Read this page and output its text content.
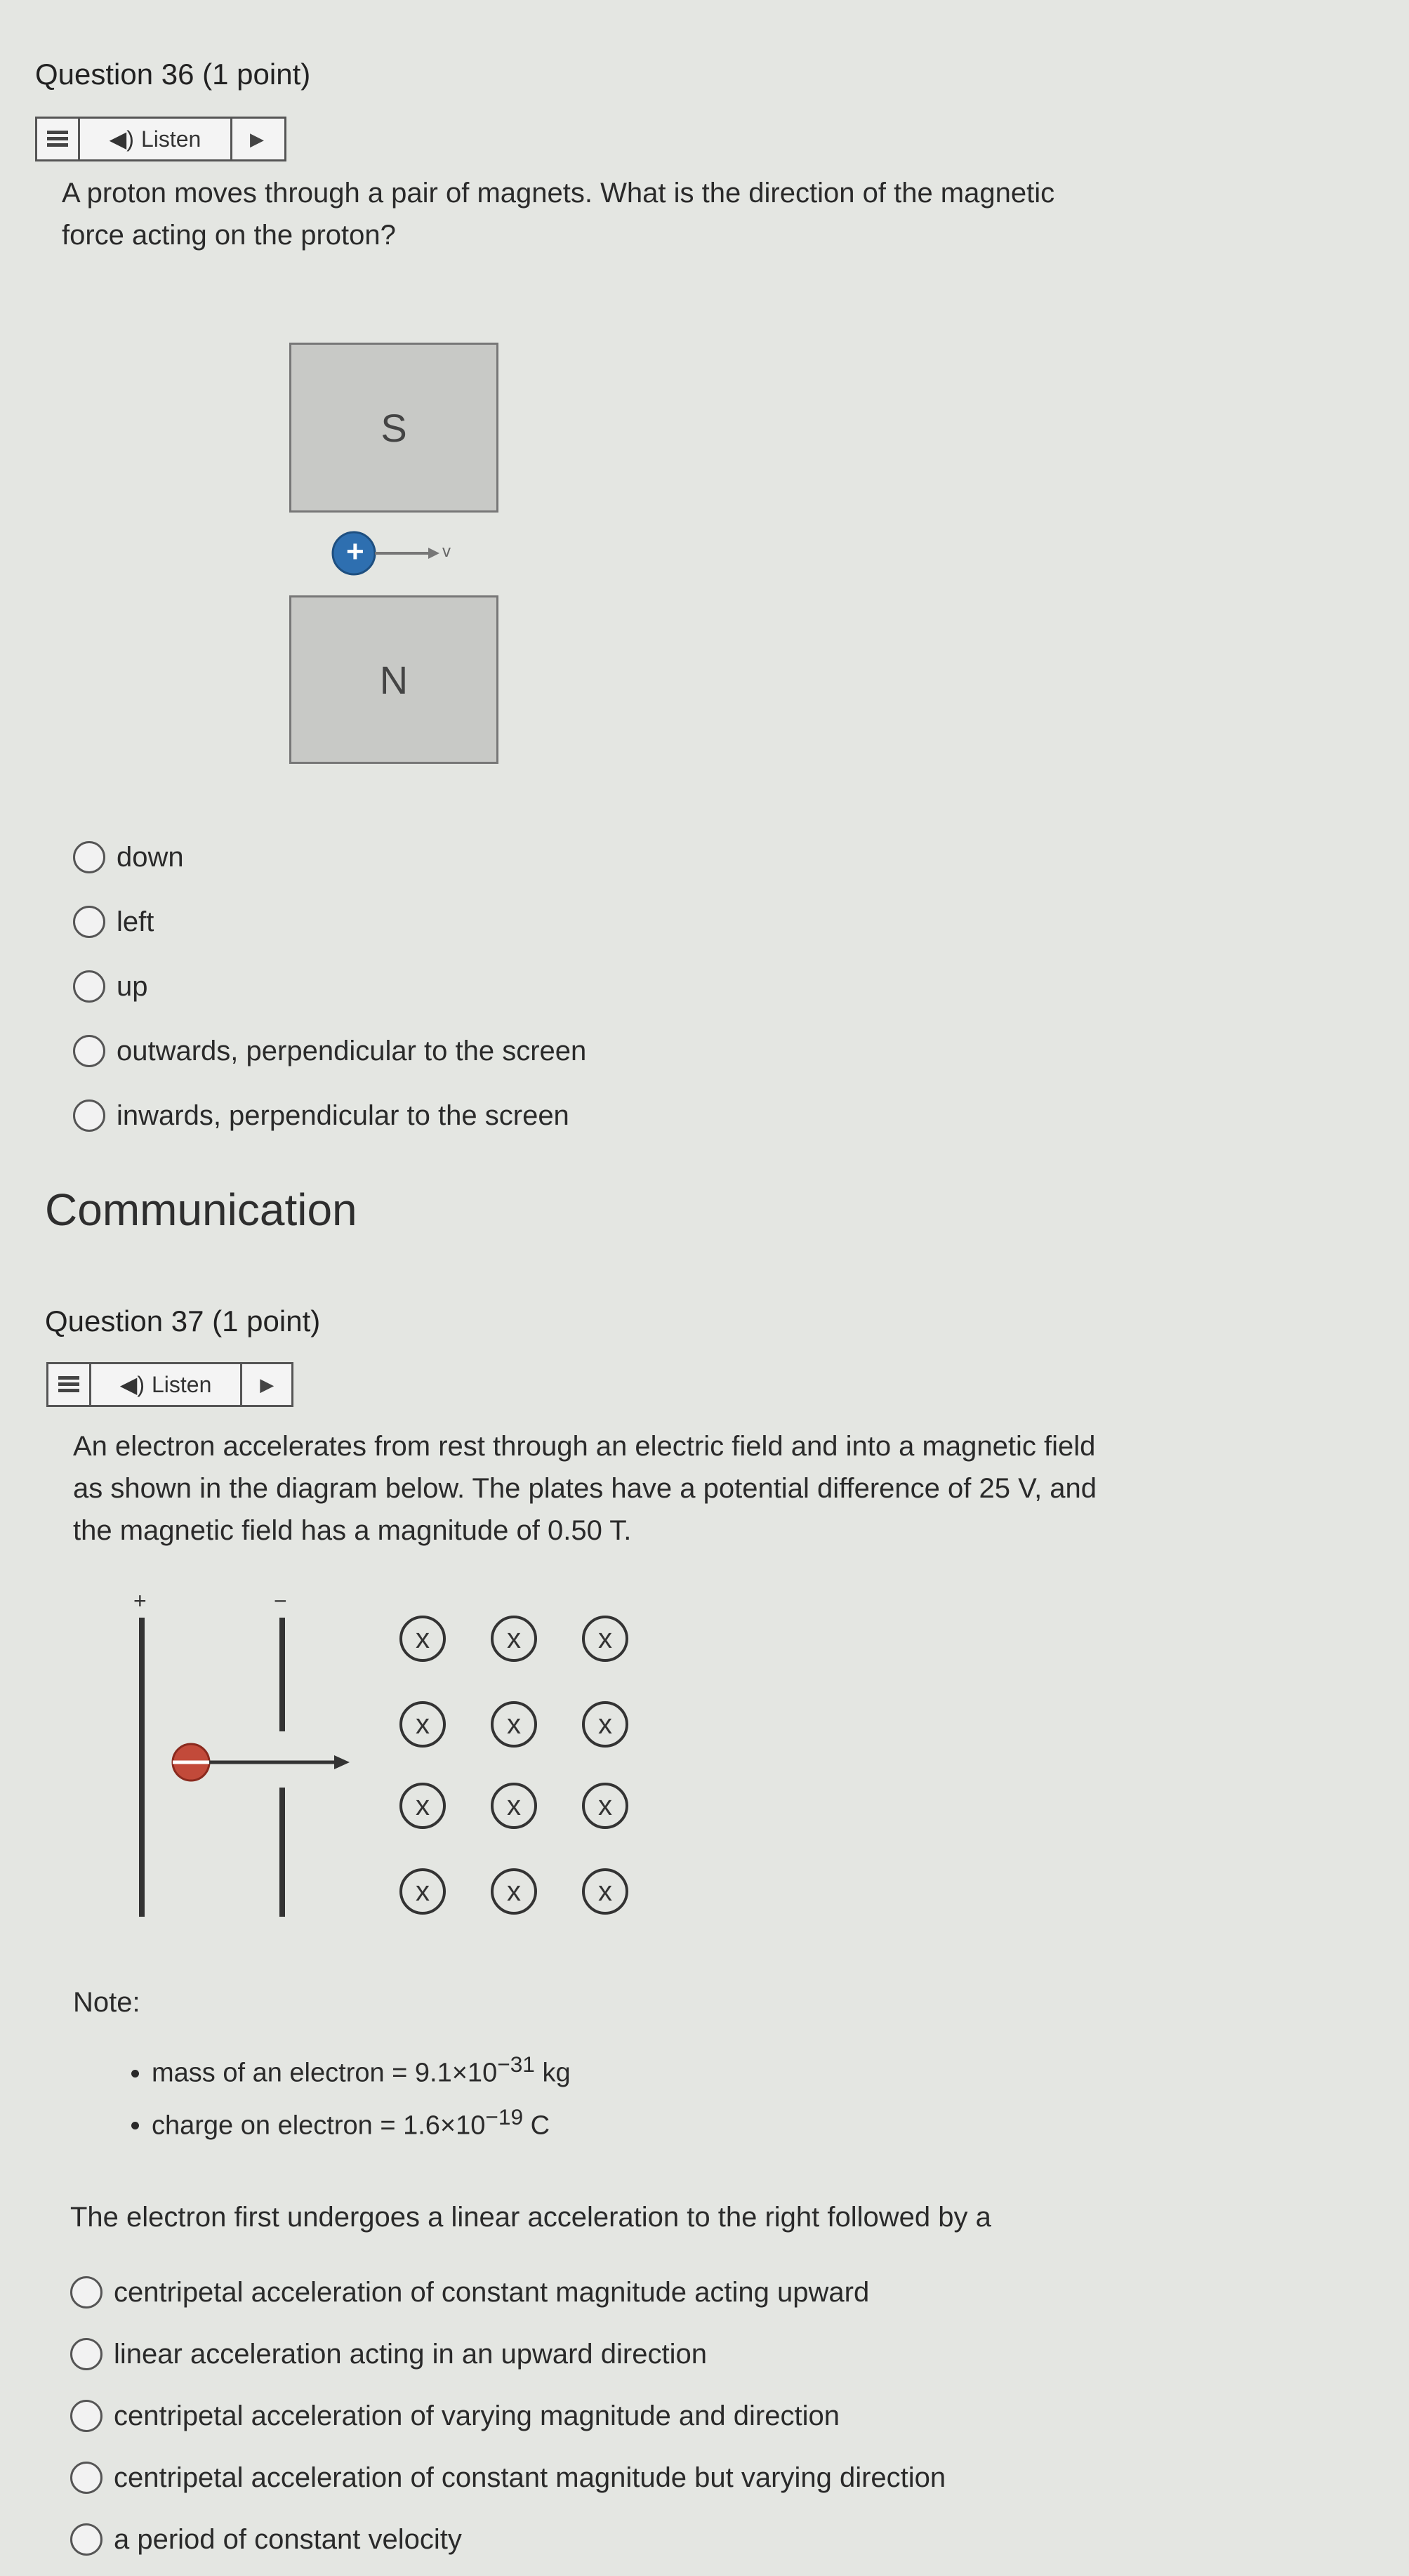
Question 36 (1 point)
◀) Listen	▶
A proton moves through a pair of magnets. What is the direction of the magnetic
force acting on the proton?
S
+	v
N
down
left
up
outwards, perpendicular to the screen
inwards, perpendicular to the screen
Communication
Question 37 (1 point)
◀) Listen	▶
An electron accelerates from rest through an electric field and into a magnetic field
as shown in the diagram below. The plates have a potential difference of 25 V, and
the magnetic field has a magnitude of 0.50 T.
+	−
x	x	x
x	x	x
x	x	x
x	x	x
Note:
• mass of an electron = $9.1\times 10^{-31}$ kg
• charge on electron = $1.6\times 10^{-19}$ C
The electron first undergoes a linear acceleration to the right followed by a
centripetal acceleration of constant magnitude acting upward
linear acceleration acting in an upward direction
centripetal acceleration of varying magnitude and direction
centripetal acceleration of constant magnitude but varying direction
a period of constant velocity
